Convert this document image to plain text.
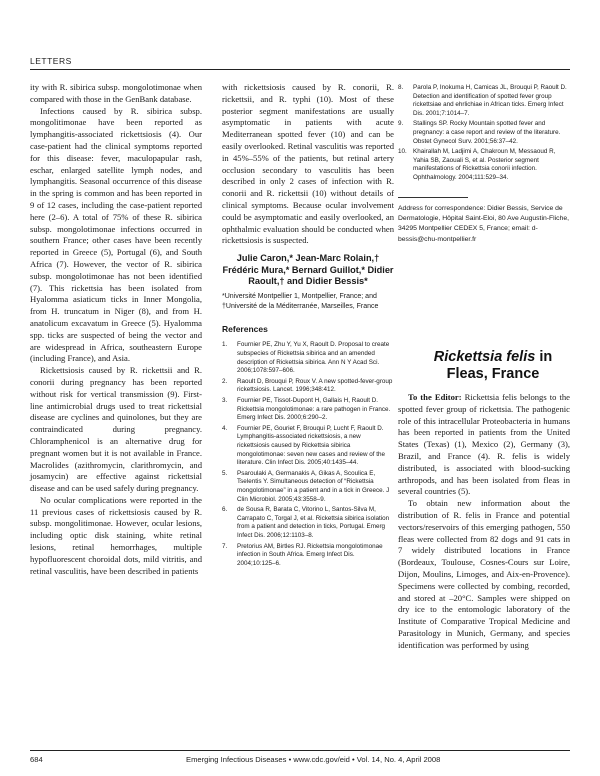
LETTERS

ity with R. sibirica subsp. mongolotimonae when compared with those in the GenBank database.

Infections caused by R. sibirica subsp. mongolitimonae have been reported as lymphangitis-associated rickettsiosis (4). Our case-patient had the clinical symptoms reported for this disease: fever, maculopapular rash, eschar, enlarged satellite lymph nodes, and lymphangitis. Seasonal occurrence of this disease in the spring is common and has been reported in 9 of 12 cases, including the case-patient reported here (2–6). A total of 75% of these R. sibirica subsp. mongolotimonae infections occurred in southern France; other cases have been recently reported in Greece (5), Portugal (6), and South Africa (7). However, the vector of R. sibirica subsp. mongolotimonae has not been identified (7). This rickettsia has been isolated from Hyalomma asiaticum ticks in Inner Mongolia, from H. truncatum in Niger (8), and from H. anatolicum excavatum in Greece (5). Hyalomma spp. ticks are suspected of being the vector and are widespread in Africa, southeastern Europe (including France), and Asia.

Rickettsiosis caused by R. rickettsii and R. conorii during pregnancy has been reported without risk for vertical transmission (9). First-line antimicrobial drugs used to treat rickettsial disease are cyclines and quinolones, but they are contraindicated during pregnancy. Chloramphenicol is an alternative drug for pregnant women but it is not available in France. Macrolides (azithromycin, clarithromycin, and josamycin) are effective against rickettsial disease and can be used safely during pregnancy.

No ocular complications were reported in the 11 previous cases of rickettsiosis caused by R. subsp. mongolitimonae. However, ocular lesions, including optic disk staining, white retinal lesions, retinal hemorrhages, multiple hypofluorescent choroidal dots, mild vitritis, and retinal vasculitis, have been described in patients

with rickettsiosis caused by R. conorii, R. rickettsii, and R. typhi (10). Most of these posterior segment manifestations are usually asymptomatic in patients with acute Mediterranean spotted fever (10) and can be easily overlooked. Retinal vasculitis was reported in 45%–55% of the patients, but retinal artery occlusion secondary to vasculitis has been described in only 2 cases of infection with R. conorii and R. rickettsii (10) without details of clinical symptoms. Because ocular involvement could be asymptomatic and easily overlooked, an ophthalmic evaluation should be conducted when rickettsiosis is suspected.

Julie Caron,* Jean-Marc Rolain,† Frédéric Mura,* Bernard Guillot,* Didier Raoult,† and Didier Bessis*
*Université Montpellier 1, Montpellier, France; and †Université de la Méditerranée, Marseilles, France
References
1. Fournier PE, Zhu Y, Yu X, Raoult D. Proposal to create subspecies of Rickettsia sibirica and an amended description of Rickettsia sibirica. Ann N Y Acad Sci. 2006;1078:597–606.
2. Raoult D, Brouqui P, Roux V. A new spotted-fever-group rickettsiosis. Lancet. 1996;348:412.
3. Fournier PE, Tissot-Dupont H, Gallais H, Raoult D. Rickettsia mongolotimonae: a rare pathogen in France. Emerg Infect Dis. 2000;6:290–2.
4. Fournier PE, Gouriet F, Brouqui P, Lucht F, Raoult D. Lymphangitis-associated rickettsiosis, a new rickettsiosis caused by Rickettsia sibirica mongolotimonae: seven new cases and review of the literature. Clin Infect Dis. 2005;40:1435–44.
5. Psaroulaki A, Germanakis A, Gikas A, Scoulica E, Tselentis Y. Simultaneous detection of “Rickettsia mongolotimonae” in a patient and in a tick in Greece. J Clin Microbiol. 2005;43:3558–9.
6. de Sousa R, Barata C, Vitorino L, Santos-Silva M, Carrapato C, Torgal J, et al. Rickettsia sibirica isolation from a patient and detection in ticks, Portugal. Emerg Infect Dis. 2006;12:1103–8.
7. Pretorius AM, Birtles RJ. Rickettsia mongolotimonae infection in South Africa. Emerg Infect Dis. 2004;10:125–6.
8. Parola P, Inokuma H, Camicas JL, Brouqui P, Raoult D. Detection and identification of spotted fever group rickettsiae and ehrlichiae in African ticks. Emerg Infect Dis. 2001;7:1014–7.
9. Stallings SP. Rocky Mountain spotted fever and pregnancy: a case report and review of the literature. Obstet Gynecol Surv. 2001;56:37–42.
10. Khairallah M, Ladjimi A, Chakroun M, Messaoud R, Yahia SB, Zaouali S, et al. Posterior segment manifestations of Rickettsia conorii infection. Ophthalmology. 2004;111:529–34.
Address for correspondence: Didier Bessis, Service de Dermatologie, Hôpital Saint-Eloi, 80 Ave Augustin-Fliche, 34295 Montpellier CEDEX 5, France; email: d-bessis@chu-montpellier.fr
Rickettsia felis in Fleas, France

To the Editor: Rickettsia felis belongs to the spotted fever group of rickettsia. The pathogenic role of this intracellular Proteobacteria in humans has been reported in patients from the United States (Texas) (1), Mexico (2), Germany (3), Brazil, and France (4). R. felis is widely distributed, is associated with blood-sucking arthropods, and has been isolated from fleas in several countries (5).

To obtain new information about the distribution of R. felis in France and potential vectors/reservoirs of this emerging pathogen, 550 fleas were collected from 82 dogs and 91 cats in 7 widely distributed locations in France (Bordeaux, Toulouse, Cosnes-Cours sur Loire, Dijon, Moulins, Limoges, and Aix-en-Provence). Specimens were collected by combing, recorded, and stored at –20°C. Samples were shipped on dry ice to the entomologic laboratory of the Institute of Comparative Tropical Medicine and Parasitology in Munich, Germany, and species identification was performed by using

684	Emerging Infectious Diseases • www.cdc.gov/eid • Vol. 14, No. 4, April 2008
